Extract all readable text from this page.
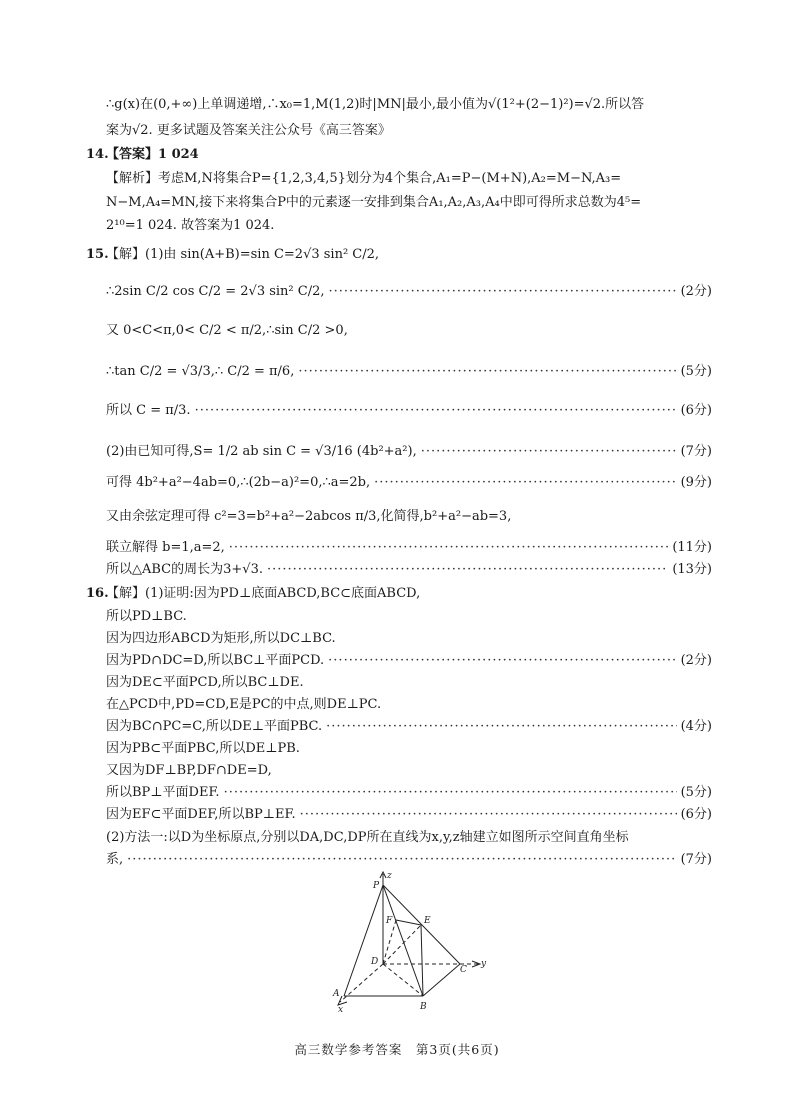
∴g(x)在(0,+∞)上单调递增,∴x₀=1,M(1,2)时|MN|最小,最小值为√(1²+(2−1)²)=√2.所以答
案为√2. 更多试题及答案关注公众号《高三答案》
14.
【答案】1 024
【解析】考虑M,N将集合P={1,2,3,4,5}划分为4个集合,A₁=P−(M+N),A₂=M−N,A₃=
N−M,A₄=MN,接下来将集合P中的元素逐一安排到集合A₁,A₂,A₃,A₄中即可得所求总数为4⁵=
2¹⁰=1 024. 故答案为1 024.
15.
【解】(1)由 sin(A+B)=sin C=2√3 sin² C/2,
∴2sin C/2 cos C/2 = 2√3 sin² C/2, ·····	(2分)
又 0<C<π,0< C/2 < π/2,∴sin C/2 >0,
∴tan C/2 = √3/3,∴ C/2 = π/6, ·····	(5分)
所以 C = π/3. ·····	(6分)
(2)由已知可得,S= 1/2 ab sin C = √3/16 (4b²+a²), ·····	(7分)
可得 4b²+a²−4ab=0,∴(2b−a)²=0,∴a=2b, ·····	(9分)
又由余弦定理可得 c²=3=b²+a²−2abcos π/3,化简得,b²+a²−ab=3,
联立解得 b=1,a=2, ·····	(11分)
所以△ABC的周长为3+√3. ·····	(13分)
16.
【解】(1)证明:因为PD⊥底面ABCD,BC⊂底面ABCD,
所以PD⊥BC.
因为四边形ABCD为矩形,所以DC⊥BC.
因为PD∩DC=D,所以BC⊥平面PCD. ·····	(2分)
因为DE⊂平面PCD,所以BC⊥DE.
在△PCD中,PD=CD,E是PC的中点,则DE⊥PC.
因为BC∩PC=C,所以DE⊥平面PBC. ·····	(4分)
因为PB⊂平面PBC,所以DE⊥PB.
又因为DF⊥BP,DF∩DE=D,
所以BP⊥平面DEF. ·····	(5分)
因为EF⊂平面DEF,所以BP⊥EF. ·····	(6分)
(2)方法一:以D为坐标原点,分别以DA,DC,DP所在直线为x,y,z轴建立如图所示空间直角坐标
系, ·····	(7分)
P
z
F	E
D
C
y
A
x	B
高三数学参考答案　第3页(共6页)
